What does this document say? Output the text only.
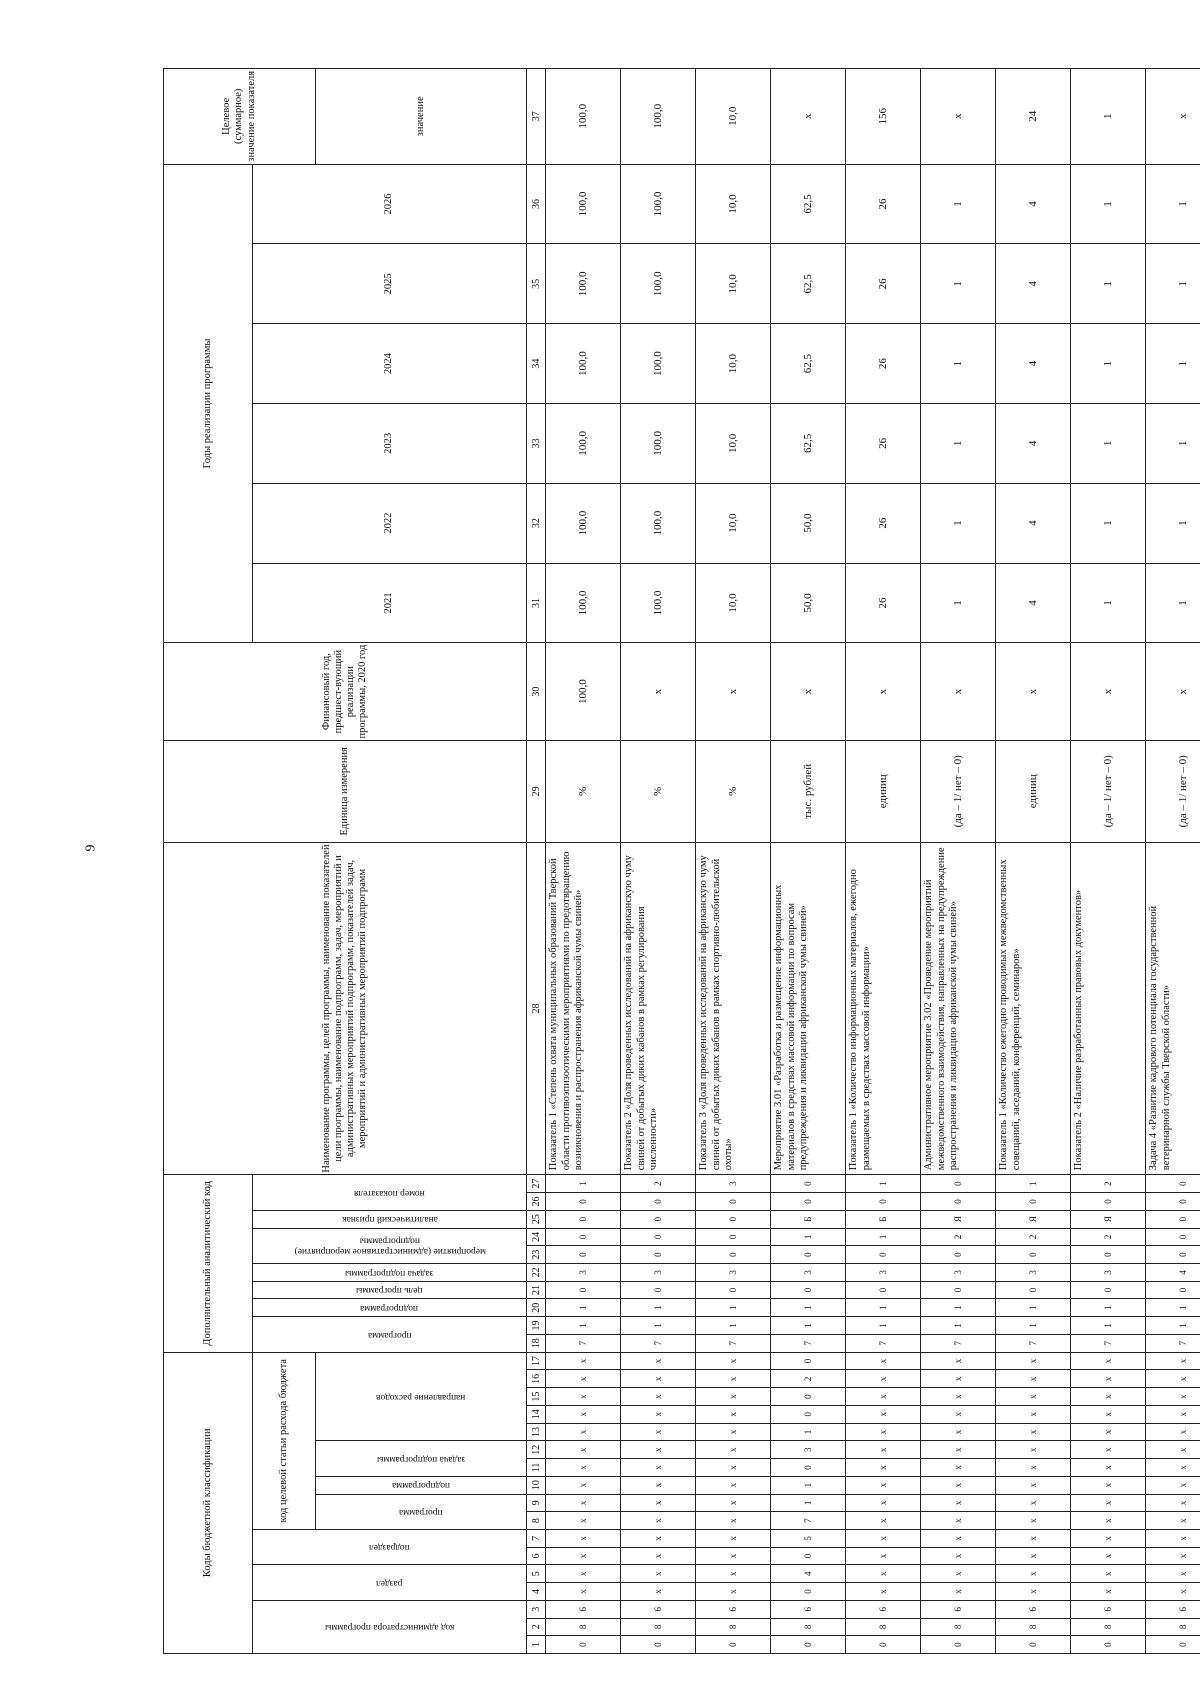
9
Коды бюджетной классификации																	Дополнительный аналитический код										Наименование программы, целей программы, наименование показателей цели программы, наименование подпрограмм, задач, мероприятий и административных мероприятий подпрограмм, показателей задач, мероприятий и административных мероприятий подпрограмм	Единица измерения	Финансовый год, предшест-вующий реализации программы, 2020 год	Годы реализации программы						Целевое (суммарное) значение показателя

код администратора программы			раздел		подраздел		код целевой статьи расхода бюджета										программа		подпрограмма	цель программы	задача подпрограммы	мероприятие (административное мероприятие) подпрограммы		аналитический признак	номер показателя					2021	2022	2023	2024	2025	2026	

							программа		подпрограмма	задача подпрограммы		направление расходов																								значение
1	2	3	4	5	6	7	8	9	10	11	12	13	14	15	16	17	18	19	20	21	22	23	24	25	26	27	28	29	30	31	32	33	34	35	36	37
0	8	6	x	x	x	x	x	x	x	x	x	x	x	x	x	x	7	1	1	0	3	0	0	0	0	1	Показатель 1 «Степень охвата муниципальных образований Тверской области противоэпизоотическими мероприятиями по предотвращению возникновения и распространения африканской чумы свиней»	%	100,0	100,0	100,0	100,0	100,0	100,0	100,0	100,0
0	8	6	x	x	x	x	x	x	x	x	x	x	x	x	x	x	7	1	1	0	3	0	0	0	0	2	Показатель 2 «Доля проведенных исследований на африканскую чуму свиней от добытых диких кабанов в рамках регулирования численности»	%	х	100,0	100,0	100,0	100,0	100,0	100,0	100,0
0	8	6	x	x	x	x	x	x	x	x	x	x	x	x	x	x	7	1	1	0	3	0	0	0	0	3	Показатель 3 «Доля проведенных исследований на африканскую чуму свиней от добытых диких кабанов в рамках спортивно-любительской охоты»	%	х	10,0	10,0	10,0	10,0	10,0	10,0	10,0
0	8	6	0	4	0	5	7	1	1	0	3	1	0	0	2	0	7	1	1	0	3	0	1	Б	0	0	Мероприятие 3.01 «Разработка и размещение информационных материалов в средствах массовой информации по вопросам предупреждения и ликвидации африканской чумы свиней»	тыс. рублей	х	50,0	50,0	62,5	62,5	62,5	62,5	х
0	8	6	x	x	x	x	x	x	x	x	x	x	x	x	x	x	7	1	1	0	3	0	1	Б	0	1	Показатель 1 «Количество информационных материалов, ежегодно размещаемых в средствах массовой информации»	единиц	х	26	26	26	26	26	26	156
0	8	6	x	x	x	x	x	x	x	x	x	x	x	x	x	x	7	1	1	0	3	0	2	Я	0	0	Административное мероприятие 3.02 «Проведение мероприятий межведомственного взаимодействия, направленных на предупреждение распространения и ликвидацию африканской чумы свиней»	(да – 1/ нет – 0)	х	1	1	1	1	1	1	х
0	8	6	x	x	x	x	x	x	x	x	x	x	x	x	x	x	7	1	1	0	3	0	2	Я	0	1	Показатель 1 «Количество ежегодно проводимых межведомственных совещаний, заседаний, конференций, семинаров»	единиц	х	4	4	4	4	4	4	24
0	8	6	x	x	x	x	x	x	x	x	x	x	x	x	x	x	7	1	1	0	3	0	2	Я	0	2	Показатель 2 «Наличие разработанных правовых документов»	(да – 1/ нет – 0)	х	1	1	1	1	1	1	1
0	8	6	x	x	x	x	x	x	x	x	x	x	x	x	x	x	7	1	1	0	4	0	0	0	0	0	Задача 4 «Развитие кадрового потенциала государственной ветеринарной службы Тверской области»	(да – 1/ нет – 0)	х	1	1	1	1	1	1	х
